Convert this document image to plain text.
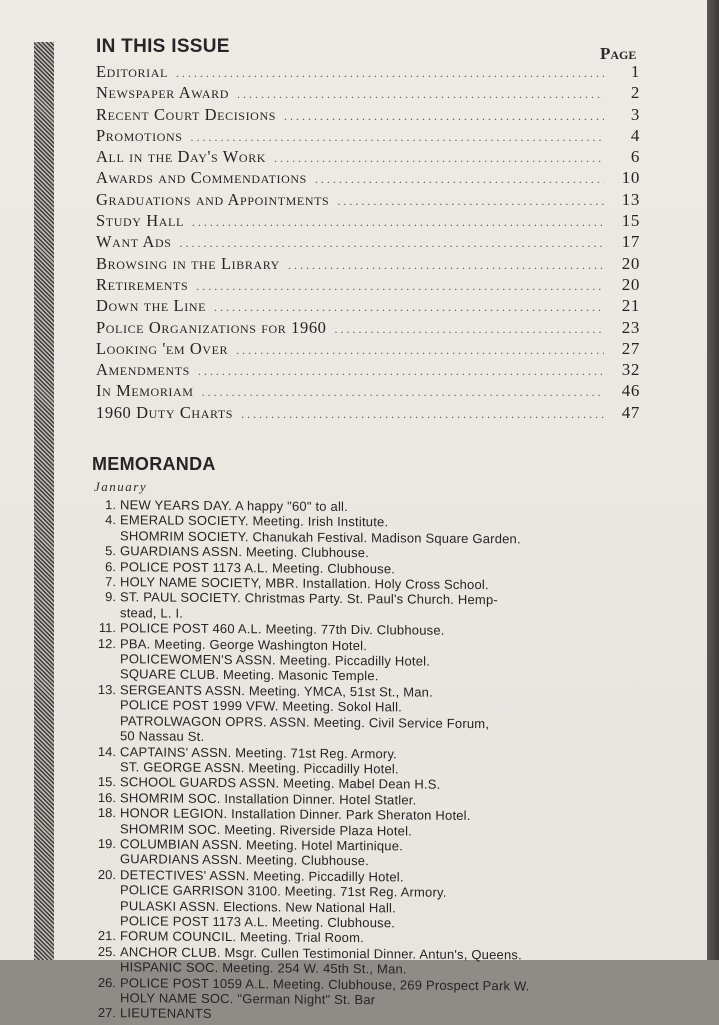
IN THIS ISSUE	Page
Editorial .....	1
Newspaper Award .....	2
Recent Court Decisions .....	3
Promotions .....	4
All in the Day's Work .....	6
Awards and Commendations .....	10
Graduations and Appointments .....	13
Study Hall .....	15
Want Ads .....	17
Browsing in the Library .....	20
Retirements .....	20
Down the Line .....	21
Police Organizations for 1960 .....	23
Looking 'em Over .....	27
Amendments .....	32
In Memoriam .....	46
1960 Duty Charts .....	47
MEMORANDA
January
1. NEW YEARS DAY. A happy "60" to all.
4. EMERALD SOCIETY. Meeting. Irish Institute.
SHOMRIM SOCIETY. Chanukah Festival. Madison Square Garden.
5. GUARDIANS ASSN. Meeting. Clubhouse.
6. POLICE POST 1173 A.L. Meeting. Clubhouse.
7. HOLY NAME SOCIETY, MBR. Installation. Holy Cross School.
9. ST. PAUL SOCIETY. Christmas Party. St. Paul's Church. Hemp-
stead, L. I.
11. POLICE POST 460 A.L. Meeting. 77th Div. Clubhouse.
12. PBA. Meeting. George Washington Hotel.
POLICEWOMEN'S ASSN. Meeting. Piccadilly Hotel.
SQUARE CLUB. Meeting. Masonic Temple.
13. SERGEANTS ASSN. Meeting. YMCA, 51st St., Man.
POLICE POST 1999 VFW. Meeting. Sokol Hall.
PATROLWAGON OPRS. ASSN. Meeting. Civil Service Forum,
50 Nassau St.
14. CAPTAINS' ASSN. Meeting. 71st Reg. Armory.
ST. GEORGE ASSN. Meeting. Piccadilly Hotel.
15. SCHOOL GUARDS ASSN. Meeting. Mabel Dean H.S.
16. SHOMRIM SOC. Installation Dinner. Hotel Statler.
18. HONOR LEGION. Installation Dinner. Park Sheraton Hotel.
SHOMRIM SOC. Meeting. Riverside Plaza Hotel.
19. COLUMBIAN ASSN. Meeting. Hotel Martinique.
GUARDIANS ASSN. Meeting. Clubhouse.
20. DETECTIVES' ASSN. Meeting. Piccadilly Hotel.
POLICE GARRISON 3100. Meeting. 71st Reg. Armory.
PULASKI ASSN. Elections. New National Hall.
POLICE POST 1173 A.L. Meeting. Clubhouse.
21. FORUM COUNCIL. Meeting. Trial Room.
25. ANCHOR CLUB. Msgr. Cullen Testimonial Dinner. Antun's, Queens.
HISPANIC SOC. Meeting. 254 W. 45th St., Man.
26. POLICE POST 1059 A.L. Meeting. Clubhouse, 269 Prospect Park W.
HOLY NAME SOC. "German Night" St. Bar
27. LIEUTENANTS
